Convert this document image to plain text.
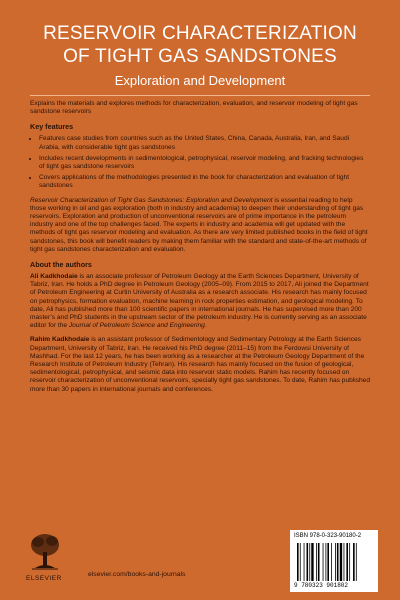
RESERVOIR CHARACTERIZATION
OF TIGHT GAS SANDSTONES
Exploration and Development

Explains the materials and explores methods for characterization, evaluation, and reservoir modeling of tight gas sandstone reservoirs

Key features
• Features case studies from countries such as the United States, China, Canada, Australia, Iran, and Saudi Arabia, with considerable tight gas sandstones
• Includes recent developments in sedimentological, petrophysical, reservoir modeling, and fracking technologies of tight gas sandstone reservoirs
• Covers applications of the methodologies presented in the book for characterization and evaluation of tight sandstones

Reservoir Characterization of Tight Gas Sandstones: Exploration and Development is essential reading to help those working in oil and gas exploration (both in industry and academia) to deepen their understanding of tight gas reservoirs. Exploration and production of unconventional reservoirs are of prime importance in the petroleum industry and one of the top challenges faced. The experts in industry and academia will get updated with the methods of tight gas reservoir modeling and evaluation. As there are very limited published books in the field of tight sandstones, this book will benefit readers by making them familiar with the standard and state-of-the-art methods of tight gas sandstones characterization and evaluation.

About the authors

Ali Kadkhodaie is an associate professor of Petroleum Geology at the Earth Sciences Department, University of Tabriz, Iran. He holds a PhD degree in Petroleum Geology (2005–09). From 2015 to 2017, Ali joined the Department of Petroleum Engineering at Curtin University of Australia as a research associate. His research has mainly focused on petrophysics, formation evaluation, machine learning in rock properties estimation, and geological modeling. To date, Ali has published more than 100 scientific papers in international journals. He has supervised more than 200 master’s and PhD students in the upstream sector of the petroleum industry. He is currently serving as an associate editor for the Journal of Petroleum Science and Engineering.

Rahim Kadkhodaie is an assistant professor of Sedimentology and Sedimentary Petrology at the Earth Sciences Department, University of Tabriz, Iran. He received his PhD degree (2011–15) from the Ferdowsi University of Mashhad. For the last 12 years, he has been working as a researcher at the Petroleum Geology Department of the Research Institute of Petroleum Industry (Tehran). His research has mainly focused on the fusion of geological, sedimentological, petrophysical, and seismic data into reservoir static models. Rahim has recently focused on reservoir characterization of unconventional reservoirs, specially tight gas sandstones. To date, Rahim has published more than 30 papers in international journals and conferences.

ELSEVIER
elsevier.com/books-and-journals
ISBN 978-0-323-90180-2
9 780323 901802
